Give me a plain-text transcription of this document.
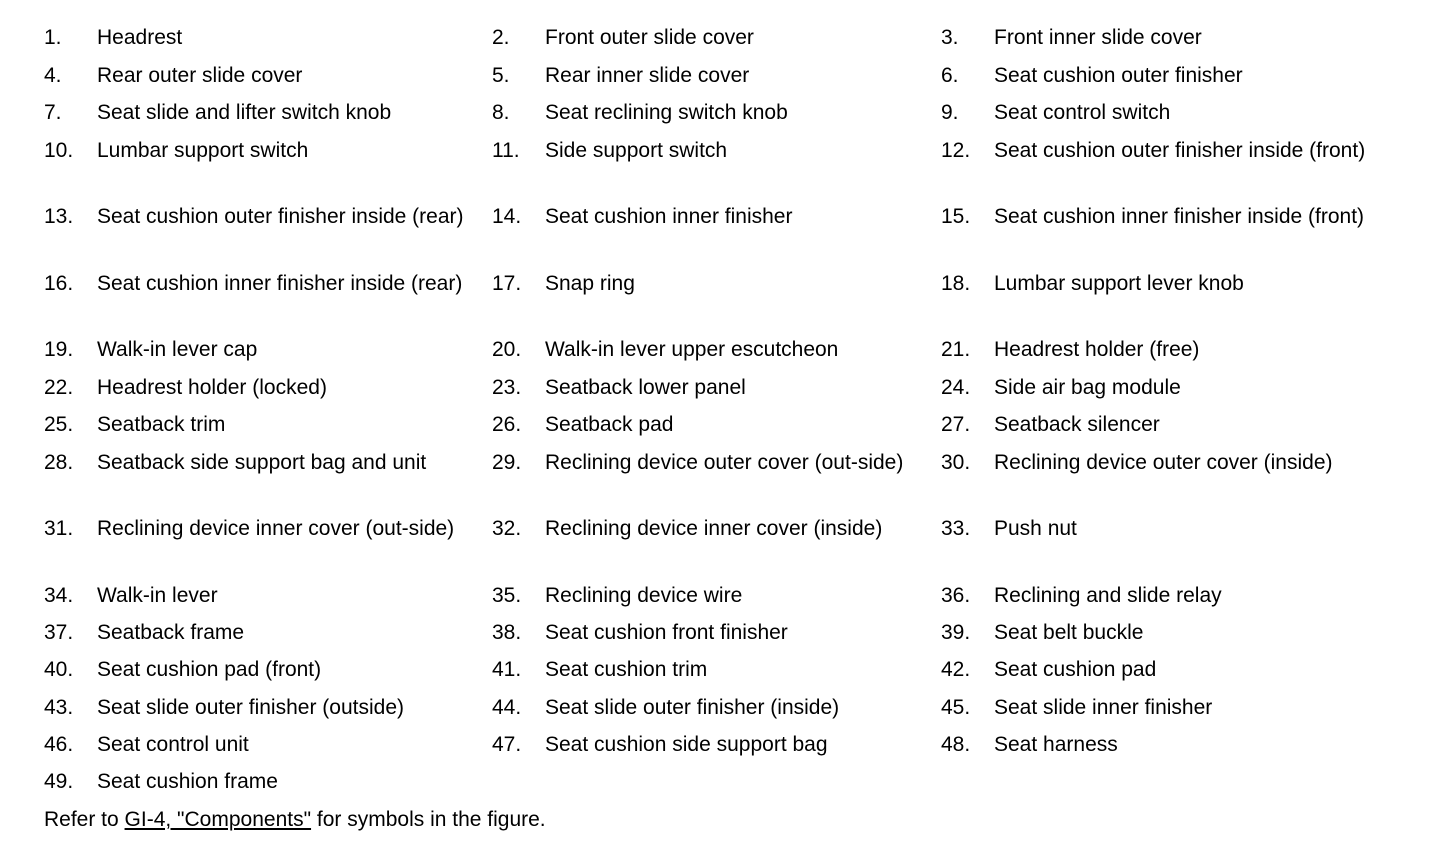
1. Headrest	2. Front outer slide cover	3. Front inner slide cover
4. Rear outer slide cover	5. Rear inner slide cover	6. Seat cushion outer finisher
7. Seat slide and lifter switch knob	8. Seat reclining switch knob	9. Seat control switch
10. Lumbar support switch	11. Side support switch	12. Seat cushion outer finisher inside (front)
13. Seat cushion outer finisher inside (rear)	14. Seat cushion inner finisher	15. Seat cushion inner finisher inside (front)
16. Seat cushion inner finisher inside (rear)	17. Snap ring	18. Lumbar support lever knob
19. Walk-in lever cap	20. Walk-in lever upper escutcheon	21. Headrest holder (free)
22. Headrest holder (locked)	23. Seatback lower panel	24. Side air bag module
25. Seatback trim	26. Seatback pad	27. Seatback silencer
28. Seatback side support bag and unit	29. Reclining device outer cover (out-side) 30. Reclining device outer cover (inside)
31. Reclining device inner cover (out-side) 32. Reclining device inner cover (inside)	33. Push nut
34. Walk-in lever	35. Reclining device wire	36. Reclining and slide relay
37. Seatback frame	38. Seat cushion front finisher	39. Seat belt buckle
40. Seat cushion pad (front)	41. Seat cushion trim	42. Seat cushion pad
43. Seat slide outer finisher (outside)	44. Seat slide outer finisher (inside)	45. Seat slide inner finisher
46. Seat control unit	47. Seat cushion side support bag	48. Seat harness
49. Seat cushion frame
Refer to GI-4, "Components" for symbols in the figure.
